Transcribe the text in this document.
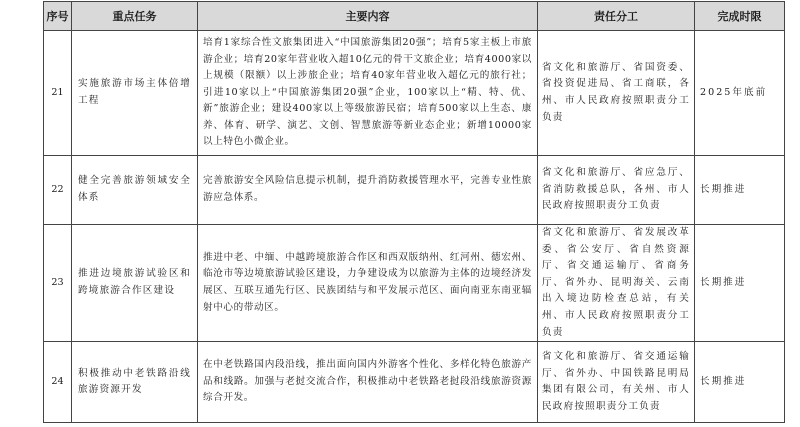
序号	重点任务	主要内容	责任分工	完成时限
21	实施旅游市场主体倍增工程	培育1家综合性文旅集团进入“中国旅游集团20强”；培育5家主板上市旅游企业；培育20家年营业收入超10亿元的骨干文旅企业；培育4000家以上规模（限额）以上涉旅企业；培育40家年营业收入超亿元的旅行社；引进10家以上“中国旅游集团20强”企业，100家以上“精、特、优、新”旅游企业；建设400家以上等级旅游民宿；培育500家以上生态、康养、体育、研学、演艺、文创、智慧旅游等新业态企业；新增10000家以上特色小微企业。	省文化和旅游厅、省国资委、省投资促进局、省工商联，各州、市人民政府按照职责分工负责	2025年底前
22	健全完善旅游领域安全体系	完善旅游安全风险信息提示机制，提升消防救援管理水平，完善专业性旅游应急体系。	省文化和旅游厅、省应急厅、省消防救援总队，各州、市人民政府按照职责分工负责	长期推进
23	推进边境旅游试验区和跨境旅游合作区建设	推进中老、中缅、中越跨境旅游合作区和西双版纳州、红河州、德宏州、临沧市等边境旅游试验区建设，力争建设成为以旅游为主体的边境经济发展区、互联互通先行区、民族团结与和平发展示范区、面向南亚东南亚辐射中心的带动区。	省文化和旅游厅、省发展改革委、省公安厅、省自然资源厅、省交通运输厅、省商务厅、省外办、昆明海关、云南出入境边防检查总站，有关州、市人民政府按照职责分工负责	长期推进
24	积极推动中老铁路沿线旅游资源开发	在中老铁路国内段沿线，推出面向国内外游客个性化、多样化特色旅游产品和线路。加强与老挝交流合作，积极推动中老铁路老挝段沿线旅游资源综合开发。	省文化和旅游厅、省交通运输厅、省外办、中国铁路昆明局集团有限公司，有关州、市人民政府按照职责分工负责	长期推进
